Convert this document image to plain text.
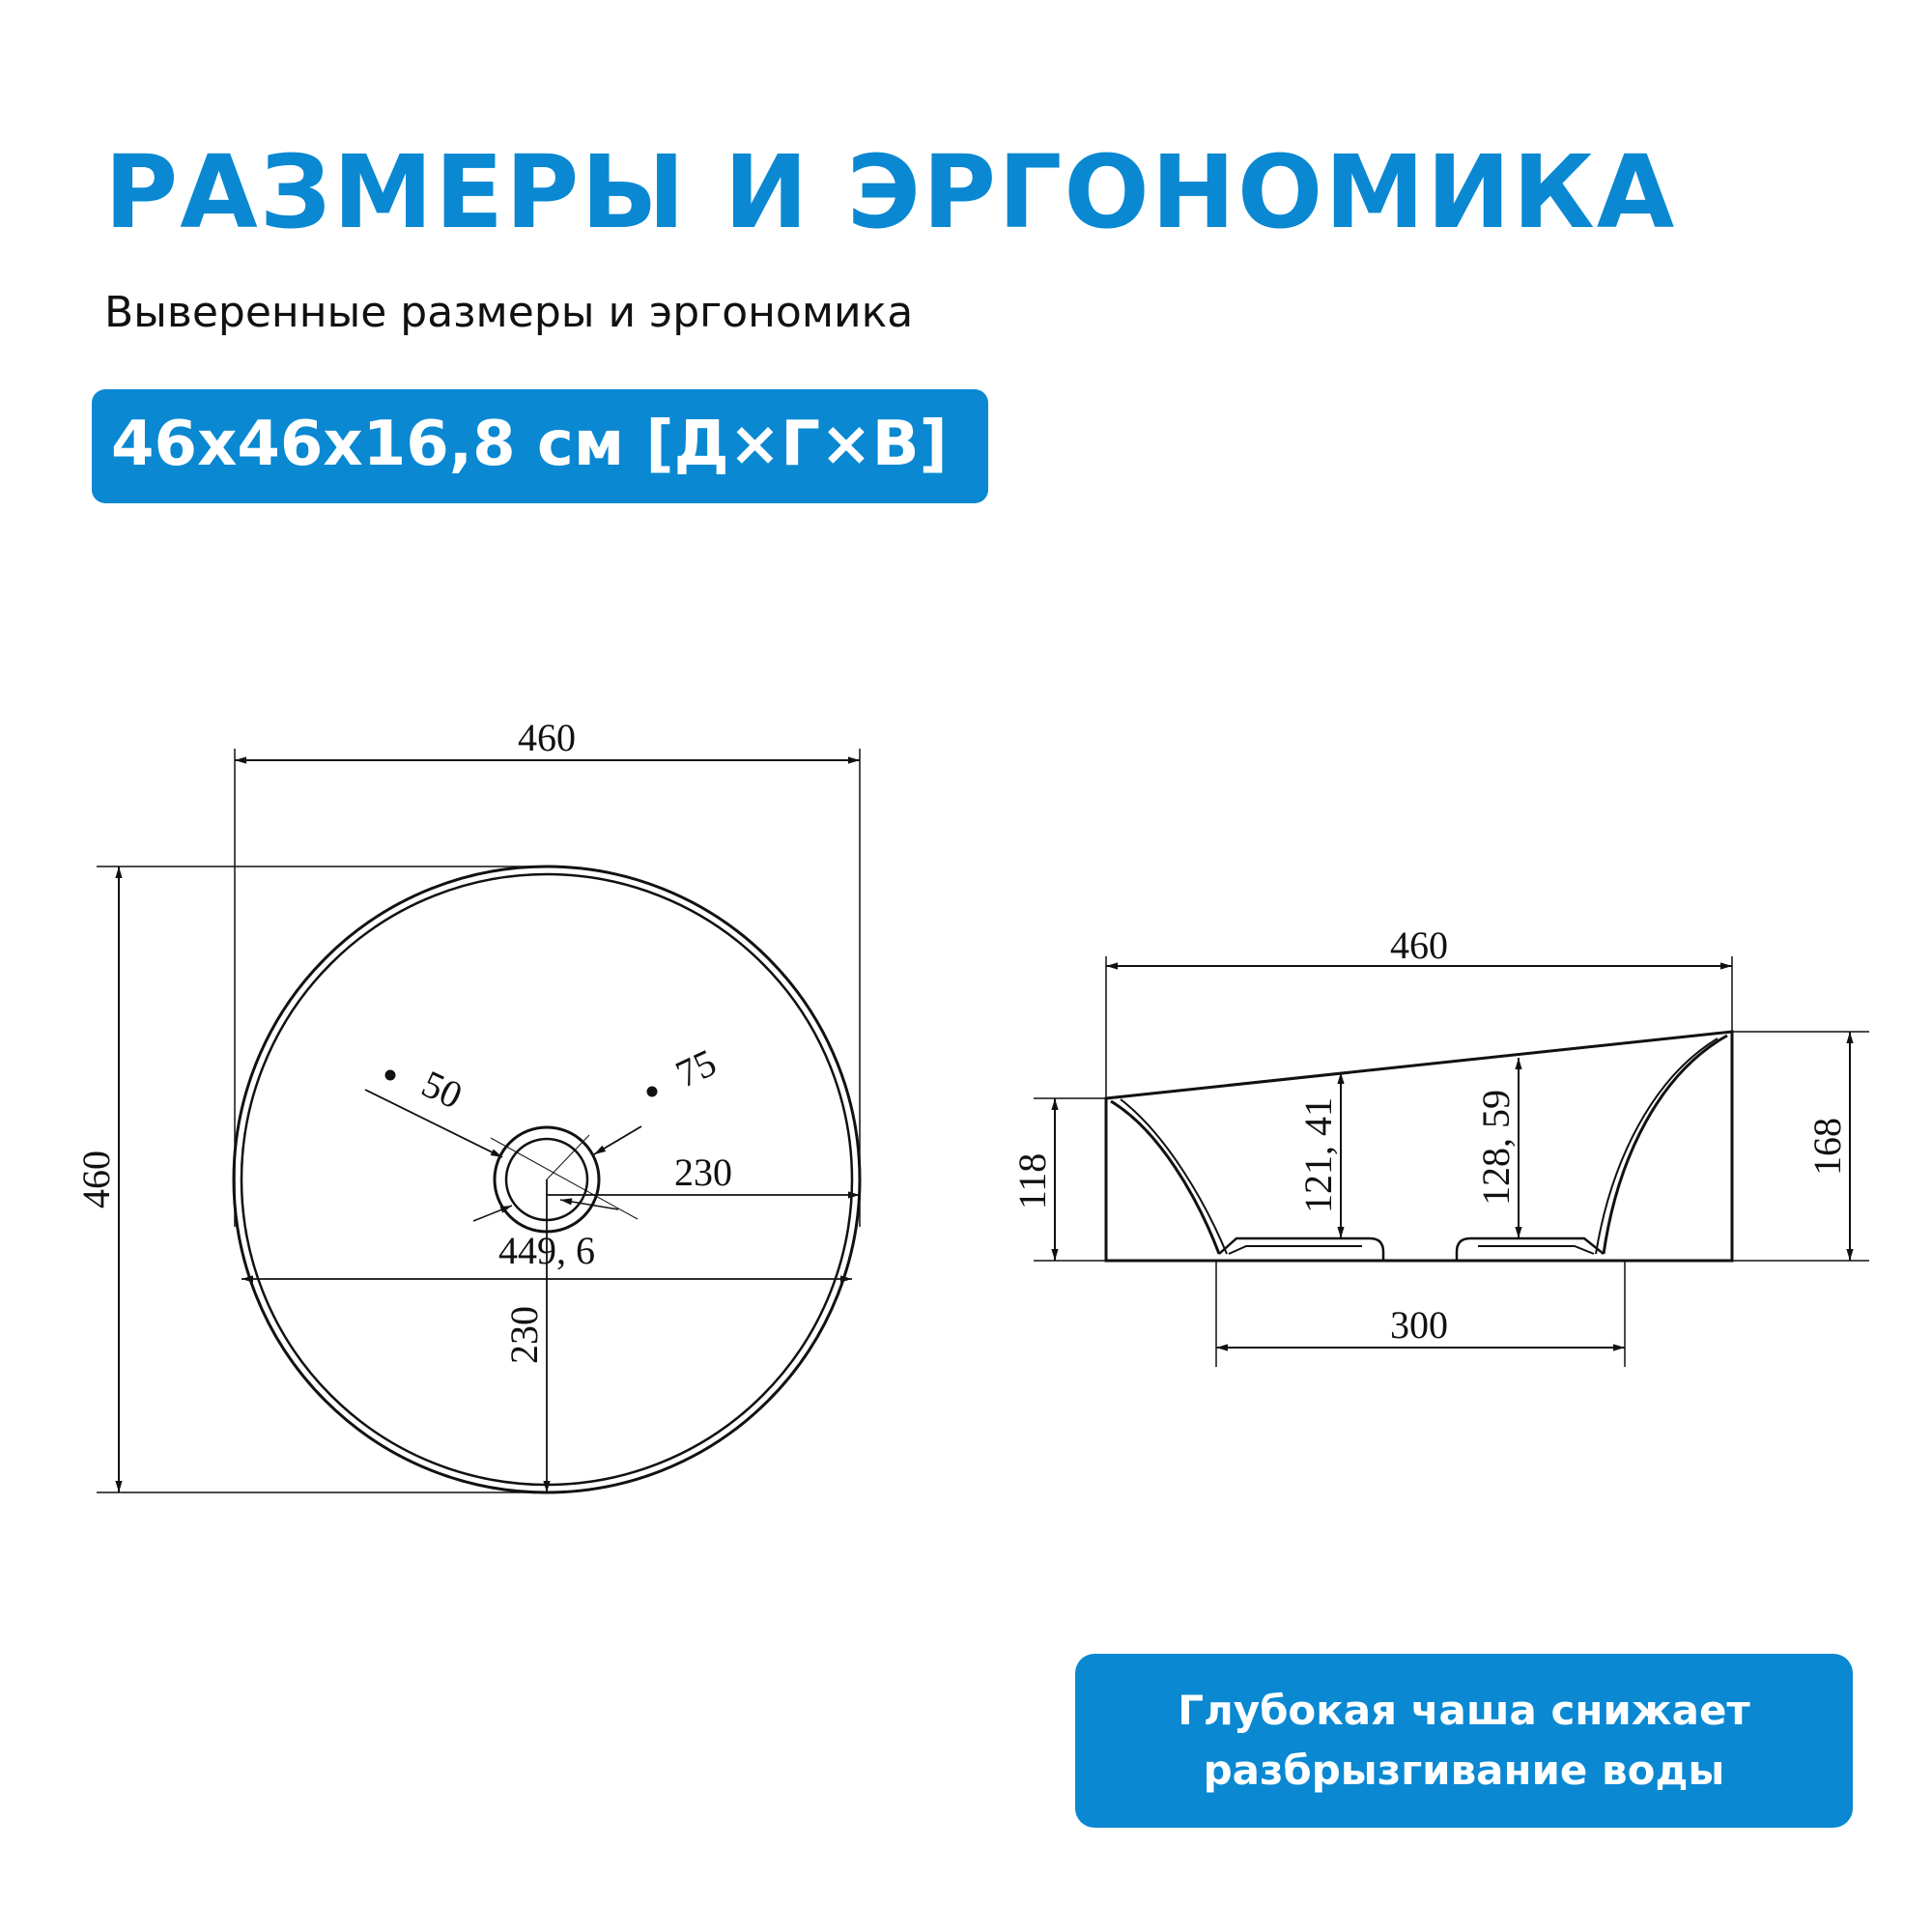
РАЗМЕРЫ И ЭРГОНОМИКА
Выверенные размеры и эргономика
46x46x16,8 см [Д×Г×В]
460
460	230
230
449, 6
50	75
460
118
168
121, 41	128, 59
300
Глубокая чаша снижает разбрызгивание воды
